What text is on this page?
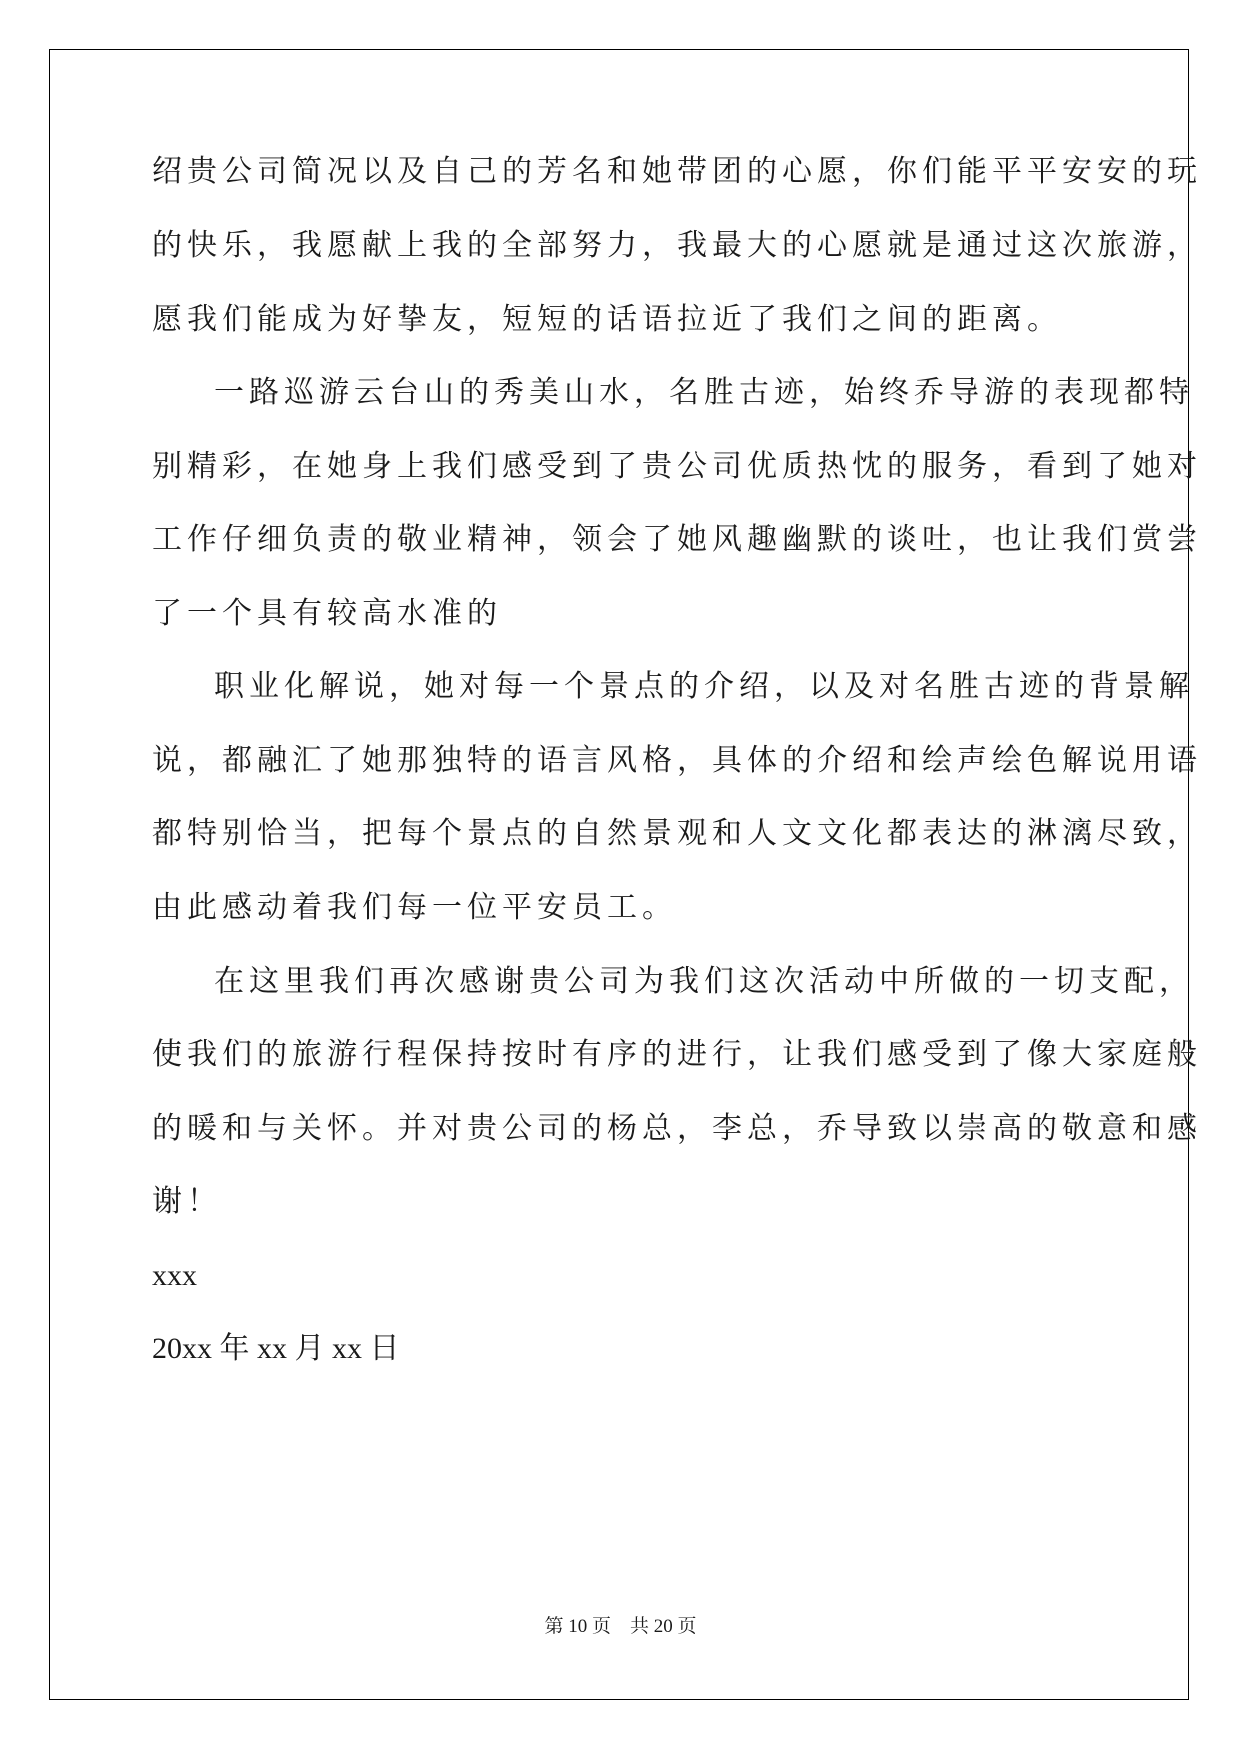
绍贵公司简况以及自己的芳名和她带团的心愿，你们能平平安安的玩
的快乐，我愿献上我的全部努力，我最大的心愿就是通过这次旅游，
愿我们能成为好挚友，短短的话语拉近了我们之间的距离。
一路巡游云台山的秀美山水，名胜古迹，始终乔导游的表现都特
别精彩，在她身上我们感受到了贵公司优质热忱的服务，看到了她对
工作仔细负责的敬业精神，领会了她风趣幽默的谈吐，也让我们赏尝
了一个具有较高水准的
职业化解说，她对每一个景点的介绍，以及对名胜古迹的背景解
说，都融汇了她那独特的语言风格，具体的介绍和绘声绘色解说用语
都特别恰当，把每个景点的自然景观和人文文化都表达的淋漓尽致，
由此感动着我们每一位平安员工。
在这里我们再次感谢贵公司为我们这次活动中所做的一切支配，
使我们的旅游行程保持按时有序的进行，让我们感受到了像大家庭般
的暖和与关怀。并对贵公司的杨总，李总，乔导致以崇高的敬意和感
谢！
xxx
20xx 年 xx 月 xx 日
第 10 页　共 20 页
